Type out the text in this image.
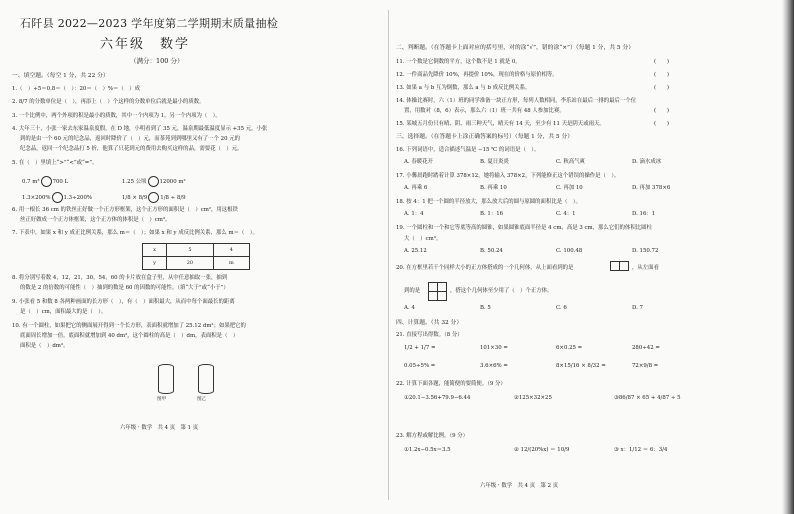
石阡县 2022—2023 学年度第二学期期末质量抽检
六年级　数学
（满分：100 分）
一、填空题。（每空 1 分，共 22 分）
1.（　）÷5＝0.8＝（　）：20＝（　）%＝（　）成
2. 8/7 的分数单位是（　），再添上（　）个这样的分数单位后就是最小的质数。
3. 一个比例中，两个外项的积是最小的质数，其中一个内项为 1，另一个内项为（　）。
4. 大年三十，小张一家去东家温泉度假，在 D 地，小明看到了 35 元，温泉期最低温度显示 +35 元，小张
到的是由一个 60 元的纪念品，返回时降价了（　）元，而茶苑到到哪里又有了一个 20 元的
纪念品，返回一个纪念品打 5 折，他算了只花到元的费用去购买这样的品，需要花（　）元。
5. 在（　）里填上“>”“<”或“=”。
0.7 m³ 700 L	1.25 公顷 12000 m²
1.3×200% 1.3÷200%	1/8 × 8/9 1/8 ÷ 8/9
6. 用一根长 36 cm 的铁丝正好做一个正方形框架，这个正方形的面积是（　）cm²，用这根铁
丝正好做成一个正方体框架，这个正方体的体积是（　）cm³。
7. 下表中，如果 x 和 y 成正比例关系，那么 m＝（　）；如果 x 和 y 成反比例关系，那么 m＝（　）。
x	5	4
y	20	m
8. 将分别写着数 4，12，21，30，54，60 的卡片放在盒子里，从中任意抽取一张，抽到
的数是 2 的倍数的可能性（　）抽到的数是 60 的因数的可能性。（填“大于”或“小于”）
9. 小张看 5 和数 8 各两种画面的长方形（　），有（　）面积最大，从而中每个面最长的距离
是（　）cm，面积最大的是（　）。
10. 有一个圆柱，如果把它的侧面展开得到一个长方形，表面积就增加了 25.12 dm²；如果把它的
底面周长增加一倍，底面积就增加到 40 dm²，这个圆柱的高是（　）dm，表面积是（　）
面积是（　）dm³。
图甲	图乙
六年级 · 数学　共 4 页　第 1 页
二、判断题。（在答题卡上面对应的括号里，对的涂“√”，错的涂“×”）（每题 1 分，共 5 分）
11. 一个数是它倒数的平方，这个数不是 1 就是 0。	(　　)
12. 一件商品先降价 10%，再提价 10%，现在的价格与原价相等。	(　　)
13. 如果 a 与 b 互为倒数，那么 a 与 b 成反比例关系。	(　　)
14. 体操比赛时，六（1）班的同学准备一块正方形，每列人数相同，李乐站在最后一排的最后一个位
置，用数对（8，6）表示，那么六（1）班一共有 48 人参加比赛。	(　　)
15. 某城五月份只有晴、阴、雨三种天气，晴天有 14 天，至少有 11 天是阴天或雨天。	(　　)
三、选择题。（在答题卡上涂正确答案的标号）（每题 1 分，共 5 分）
16. 下列词语中，适合描述气温是 −15 ℃ 的词语是（　）。
A. 春暖花开	B. 夏日炎炎	C. 秋高气爽	D. 滴水成冰
17. 小馨晨跑时踏着计算 378×12，她将输入 378×2，下列能修正这个错误的操作是（　）。
A. 再乘 6	B. 再乘 10	C. 再加 10	D. 再加 378×6
18. 按 4：1 把一个圆的半径放大，那么放大后的圆与原圆的面积比是（　）。
A. 1：4	B. 1：16	C. 4：1	D. 16：1
19. 一个圆柱和一个和它等底等高的圆锥，如果圆锥底面半径是 4 cm，高是 3 cm，那么它们的体积比圆柱
大（　）cm³。
A. 25.12	B. 50.24	C. 100.48	D. 150.72
20. 在方框里若干个同样大小的正方体搭成的一个几何体，从上面看到的是
		，从左面看
到的是

		，搭这个几何体至少用了（　）个正方体。
A. 4	B. 5	C. 6	D. 7
四、计算题。（共 32 分）
21. 直接写出得数。（8 分）
1/2 + 1/7 =	101×30 =	6×0.25 =	280÷42 =
0.05÷5% =	3.6×6% =	8×15/16 × 8/32 =	72×9/8 =
22. 计算下面各题，能简便的要简便。（9 分）
①20.1−3.56+79.9−6.44	②125×32×25	③86/87 × 65 + 4/87 ÷ 5
23. 解方程或解比例。（9 分）
①1.2x−0.5x＝3.5	② 12/(20%x) ＝ 10/9	③ x：1/12 ＝ 6：3/4
六年级 · 数学　共 4 页　第 2 页
